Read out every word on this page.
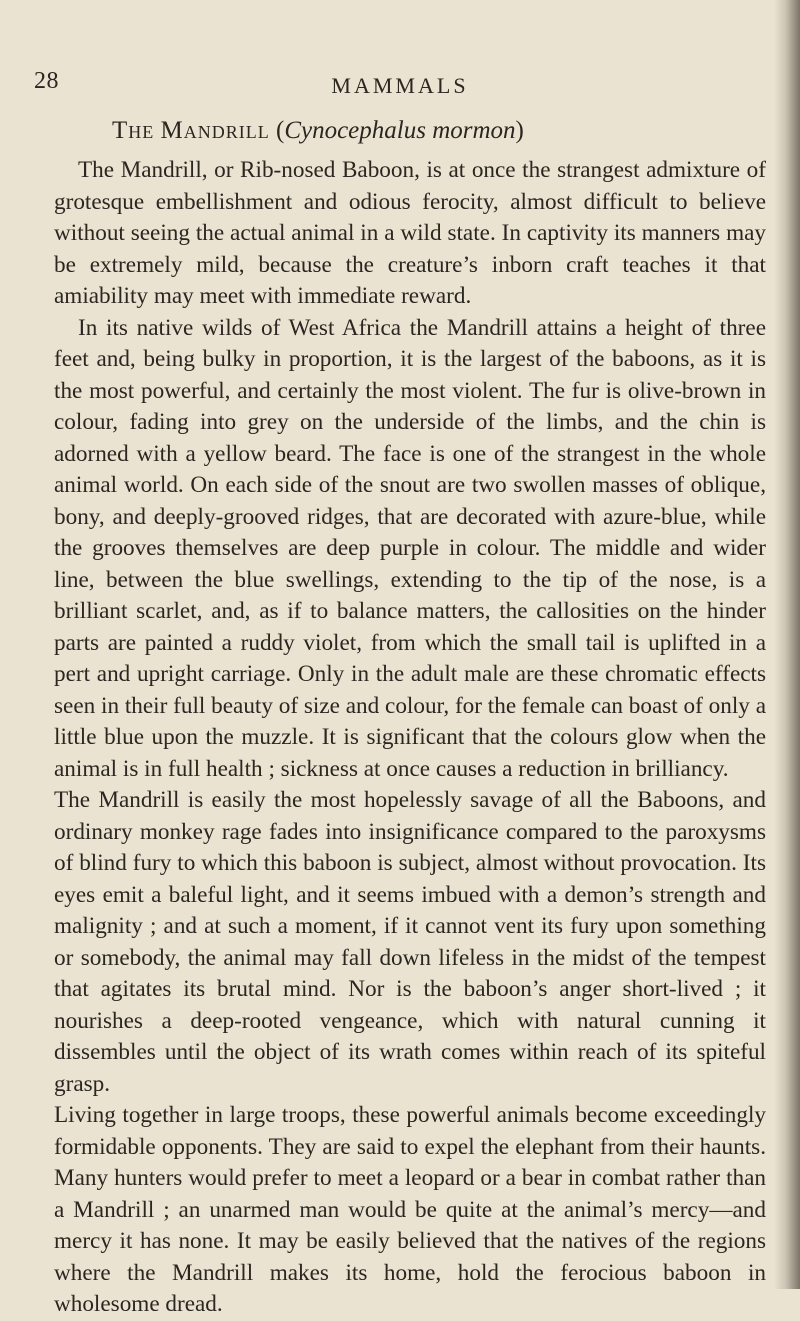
28	MAMMALS
The Mandrill (Cynocephalus mormon)

The Mandrill, or Rib-nosed Baboon, is at once the strangest admixture of grotesque embellishment and odious ferocity, almost difficult to believe without seeing the actual animal in a wild state. In captivity its manners may be extremely mild, because the creature’s inborn craft teaches it that amiability may meet with immediate reward.

In its native wilds of West Africa the Mandrill attains a height of three feet and, being bulky in proportion, it is the largest of the baboons, as it is the most powerful, and certainly the most violent. The fur is olive-brown in colour, fading into grey on the underside of the limbs, and the chin is adorned with a yellow beard. The face is one of the strangest in the whole animal world. On each side of the snout are two swollen masses of oblique, bony, and deeply-grooved ridges, that are decorated with azure-blue, while the grooves themselves are deep purple in colour. The middle and wider line, between the blue swellings, extending to the tip of the nose, is a brilliant scarlet, and, as if to balance matters, the callosities on the hinder parts are painted a ruddy violet, from which the small tail is uplifted in a pert and upright carriage. Only in the adult male are these chromatic effects seen in their full beauty of size and colour, for the female can boast of only a little blue upon the muzzle. It is significant that the colours glow when the animal is in full health ; sickness at once causes a reduction in brilliancy.

The Mandrill is easily the most hopelessly savage of all the Baboons, and ordinary monkey rage fades into insignificance compared to the paroxysms of blind fury to which this baboon is subject, almost without provocation. Its eyes emit a baleful light, and it seems imbued with a demon’s strength and malignity ; and at such a moment, if it cannot vent its fury upon something or somebody, the animal may fall down lifeless in the midst of the tempest that agitates its brutal mind. Nor is the baboon’s anger short-lived ; it nourishes a deep-rooted vengeance, which with natural cunning it dissembles until the object of its wrath comes within reach of its spiteful grasp.

Living together in large troops, these powerful animals become exceedingly formidable opponents. They are said to expel the elephant from their haunts. Many hunters would prefer to meet a leopard or a bear in combat rather than a Mandrill ; an unarmed man would be quite at the animal’s mercy—and mercy it has none. It may be easily believed that the natives of the regions where the Mandrill makes its home, hold the ferocious baboon in wholesome dread.
